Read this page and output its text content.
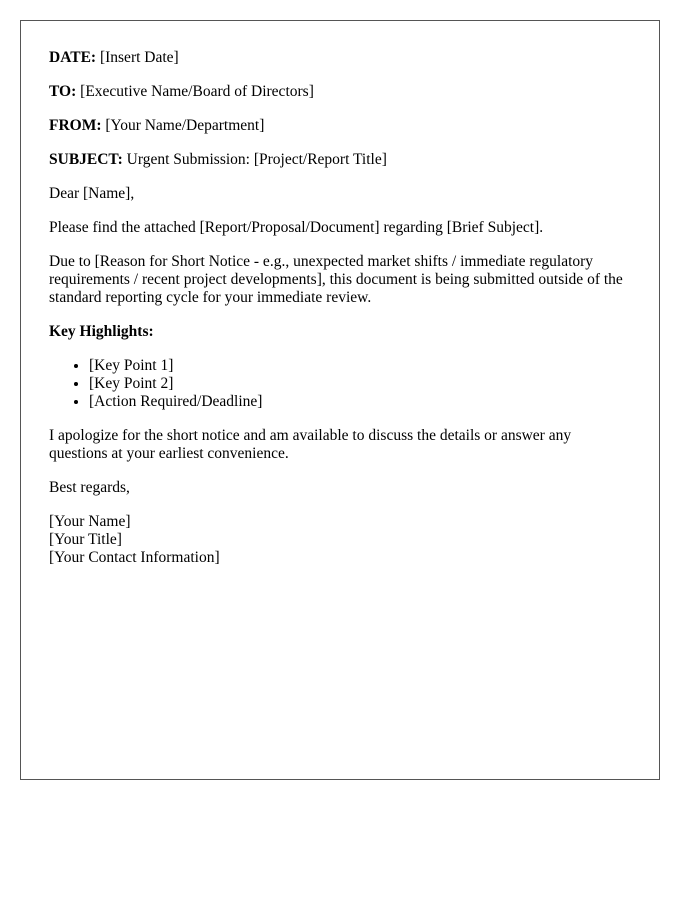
DATE: [Insert Date]

TO: [Executive Name/Board of Directors]

FROM: [Your Name/Department]

SUBJECT: Urgent Submission: [Project/Report Title]

Dear [Name],

Please find the attached [Report/Proposal/Document] regarding [Brief Subject].

Due to [Reason for Short Notice - e.g., unexpected market shifts / immediate regulatory requirements / recent project developments], this document is being submitted outside of the standard reporting cycle for your immediate review.

Key Highlights:

• [Key Point 1]
• [Key Point 2]
• [Action Required/Deadline]

I apologize for the short notice and am available to discuss the details or answer any questions at your earliest convenience.

Best regards,

[Your Name]
[Your Title]
[Your Contact Information]
